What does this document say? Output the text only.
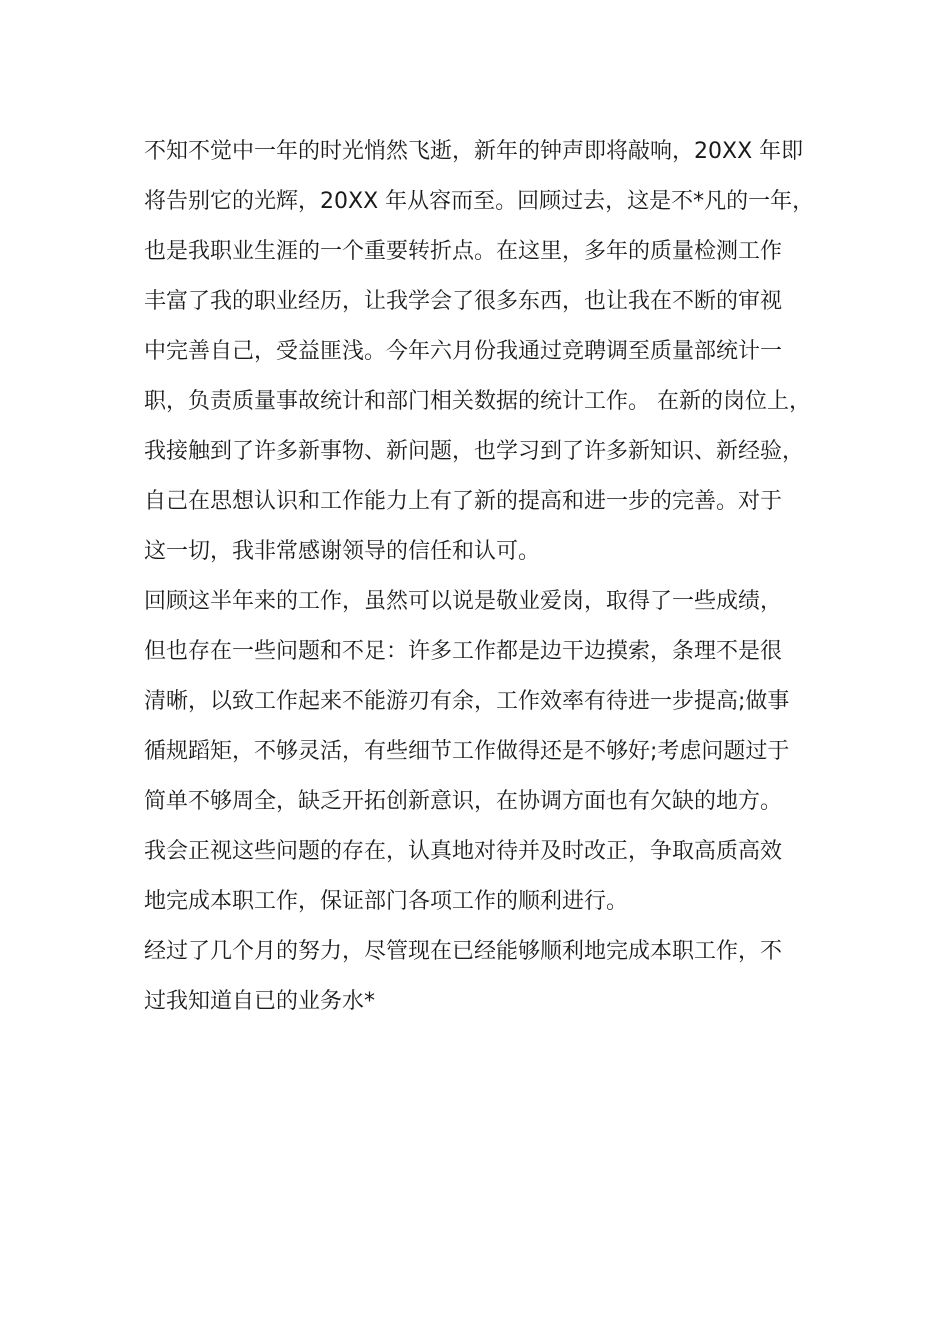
不知不觉中一年的时光悄然飞逝，新年的钟声即将敲响，20XX 年即
将告别它的光辉，20XX 年从容而至。回顾过去，这是不*凡的一年，
也是我职业生涯的一个重要转折点。在这里，多年的质量检测工作
丰富了我的职业经历，让我学会了很多东西，也让我在不断的审视
中完善自己，受益匪浅。今年六月份我通过竞聘调至质量部统计一
职，负责质量事故统计和部门相关数据的统计工作。 在新的岗位上，
我接触到了许多新事物、新问题，也学习到了许多新知识、新经验，
自己在思想认识和工作能力上有了新的提高和进一步的完善。对于
这一切，我非常感谢领导的信任和认可。
回顾这半年来的工作，虽然可以说是敬业爱岗，取得了一些成绩，
但也存在一些问题和不足：许多工作都是边干边摸索，条理不是很
清晰，以致工作起来不能游刃有余，工作效率有待进一步提高;做事
循规蹈矩，不够灵活，有些细节工作做得还是不够好;考虑问题过于
简单不够周全，缺乏开拓创新意识，在协调方面也有欠缺的地方。
我会正视这些问题的存在，认真地对待并及时改正，争取高质高效
地完成本职工作，保证部门各项工作的顺利进行。
经过了几个月的努力，尽管现在已经能够顺利地完成本职工作，不
过我知道自已的业务水*
